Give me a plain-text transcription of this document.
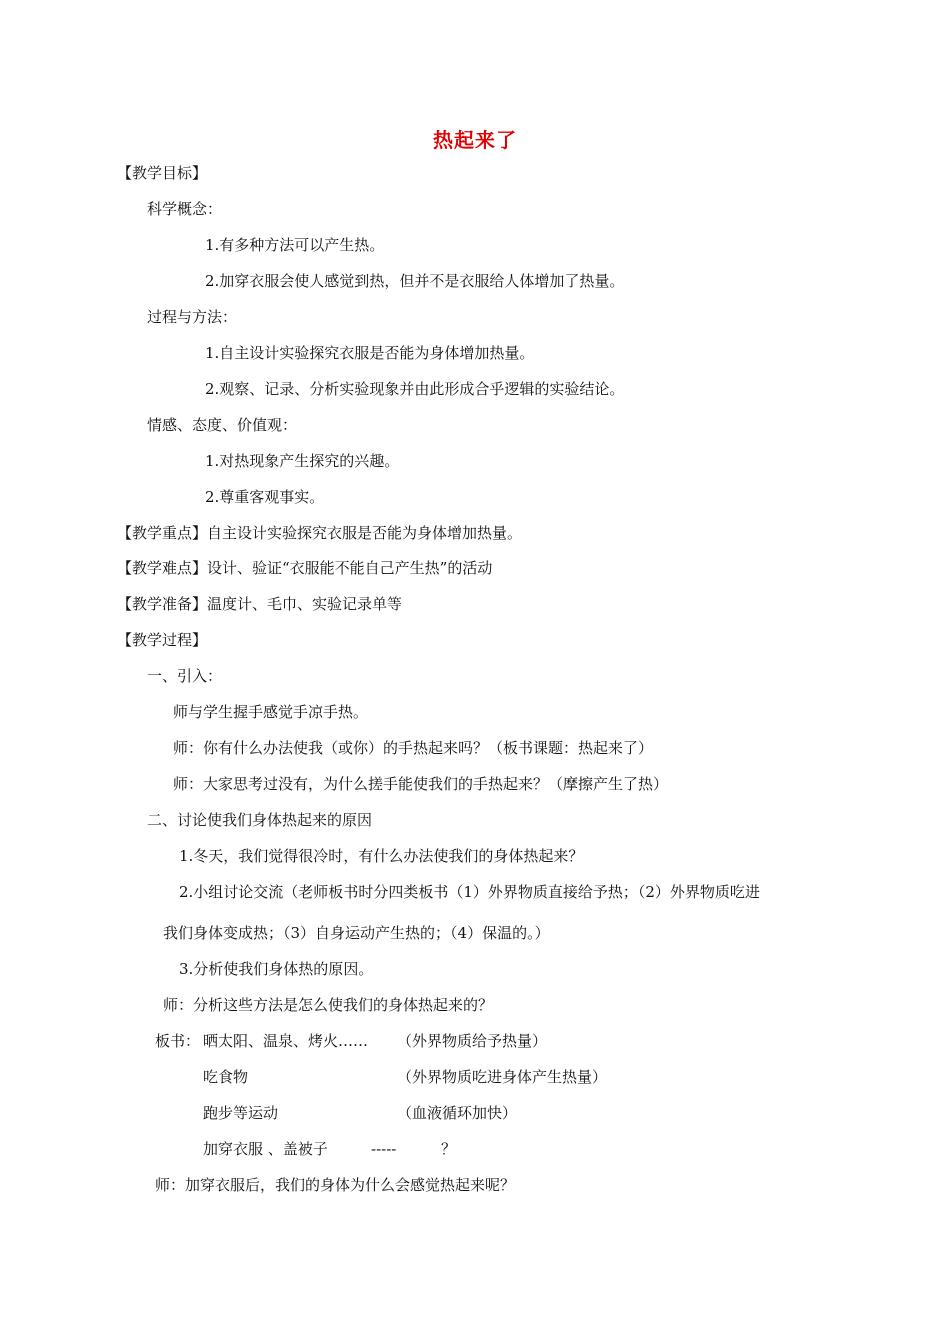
热起来了
【教学目标】
科学概念：
1.有多种方法可以产生热。
2.加穿衣服会使人感觉到热，但并不是衣服给人体增加了热量。
过程与方法：
1.自主设计实验探究衣服是否能为身体增加热量。
2.观察、记录、分析实验现象并由此形成合乎逻辑的实验结论。
情感、态度、价值观：
1.对热现象产生探究的兴趣。
2.尊重客观事实。
【教学重点】自主设计实验探究衣服是否能为身体增加热量。
【教学难点】设计、验证“衣服能不能自己产生热”的活动
【教学准备】温度计、毛巾、实验记录单等
【教学过程】
一、引入：
师与学生握手感觉手凉手热。
师：你有什么办法使我（或你）的手热起来吗？（板书课题：热起来了）
师：大家思考过没有，为什么搓手能使我们的手热起来？（摩擦产生了热）
二、讨论使我们身体热起来的原因
1.冬天，我们觉得很冷时，有什么办法使我们的身体热起来？
2.小组讨论交流（老师板书时分四类板书（1）外界物质直接给予热；（2）外界物质吃进
我们身体变成热；（3）自身运动产生热的；（4）保温的。）
3.分析使我们身体热的原因。
师：分析这些方法是怎么使我们的身体热起来的？
板书： 晒太阳、温泉、烤火…… （外界物质给予热量）
吃食物	（外界物质吃进身体产生热量）
跑步等运动	（血液循环加快）
加穿衣服 、盖被子	-----	？
师：加穿衣服后，我们的身体为什么会感觉热起来呢？
